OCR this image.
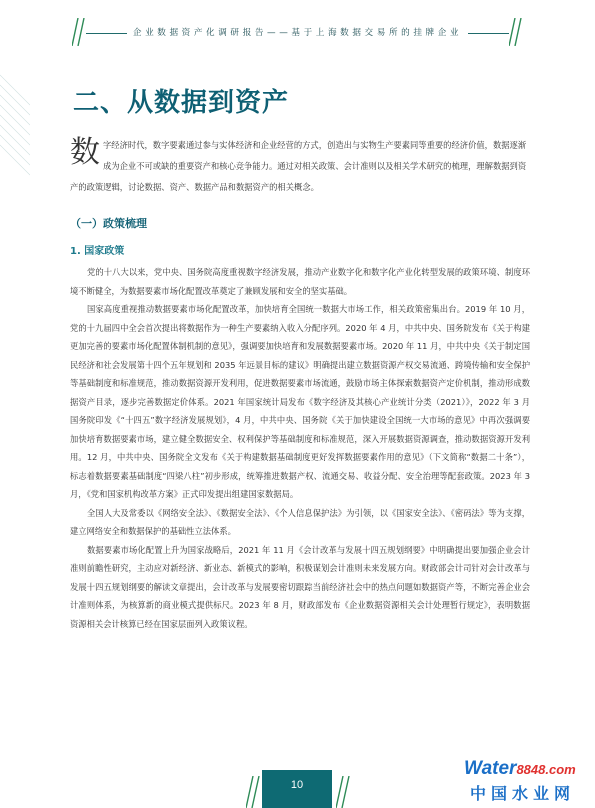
企业数据资产化调研报告——基于上海数据交易所的挂牌企业
二、从数据到资产
数 字经济时代，数字要素通过参与实体经济和企业经营的方式，创造出与实物生产要素同等重要的经济价值，数据逐渐成为企业不可或缺的重要资产和核心竞争能力。通过对相关政策、会计准则以及相关学术研究的梳理，理解数据到资产的政策逻辑，讨论数据、资产、数据产品和数据资产的相关概念。
（一）政策梳理
1. 国家政策

党的十八大以来，党中央、国务院高度重视数字经济发展，推动产业数字化和数字化产业化转型发展的政策环境、制度环境不断健全，为数据要素市场化配置改革奠定了兼顾发展和安全的坚实基础。

国家高度重视推动数据要素市场化配置改革，加快培育全国统一数据大市场工作，相关政策密集出台。2019 年 10 月，党的十九届四中全会首次提出将数据作为一种生产要素纳入收入分配序列。2020 年 4 月，中共中央、国务院发布《关于构建更加完善的要素市场化配置体制机制的意见》，强调要加快培育和发展数据要素市场。2020 年 11 月，中共中央《关于制定国民经济和社会发展第十四个五年规划和 2035 年远景目标的建议》明确提出建立数据资源产权交易流通、跨境传输和安全保护等基础制度和标准规范，推动数据资源开发利用，促进数据要素市场流通，鼓励市场主体探索数据资产定价机制，推动形成数据资产目录，逐步完善数据定价体系。2021 年国家统计局发布《数字经济及其核心产业统计分类（2021）》，2022 年 3 月国务院印发《“十四五”数字经济发展规划》，4 月，中共中央、国务院《关于加快建设全国统一大市场的意见》中再次强调要加快培育数据要素市场，建立健全数据安全、权利保护等基础制度和标准规范，深入开展数据资源调查，推动数据资源开发利用。12 月，中共中央、国务院全文发布《关于构建数据基础制度更好发挥数据要素作用的意见》（下文简称“数据二十条”），标志着数据要素基础制度“四梁八柱”初步形成，统筹推进数据产权、流通交易、收益分配、安全治理等配套政策。2023 年 3 月，《党和国家机构改革方案》正式印发提出组建国家数据局。

全国人大及常委以《网络安全法》、《数据安全法》、《个人信息保护法》为引领，以《国家安全法》、《密码法》等为支撑，建立网络安全和数据保护的基础性立法体系。

数据要素市场化配置上升为国家战略后，2021 年 11 月《会计改革与发展十四五规划纲要》中明确提出要加强企业会计准则前瞻性研究，主动应对新经济、新业态、新模式的影响，积极谋划会计准则未来发展方向。财政部会计司针对会计改革与发展十四五规划纲要的解读文章提出，会计改革与发展要密切跟踪当前经济社会中的热点问题如数据资产等，不断完善企业会计准则体系，为核算新的商业模式提供标尺。2023 年 8 月，财政部发布《企业数据资源相关会计处理暂行规定》，表明数据资源相关会计核算已经在国家层面列入政策议程。

10
Water8848.com
中国水业网
